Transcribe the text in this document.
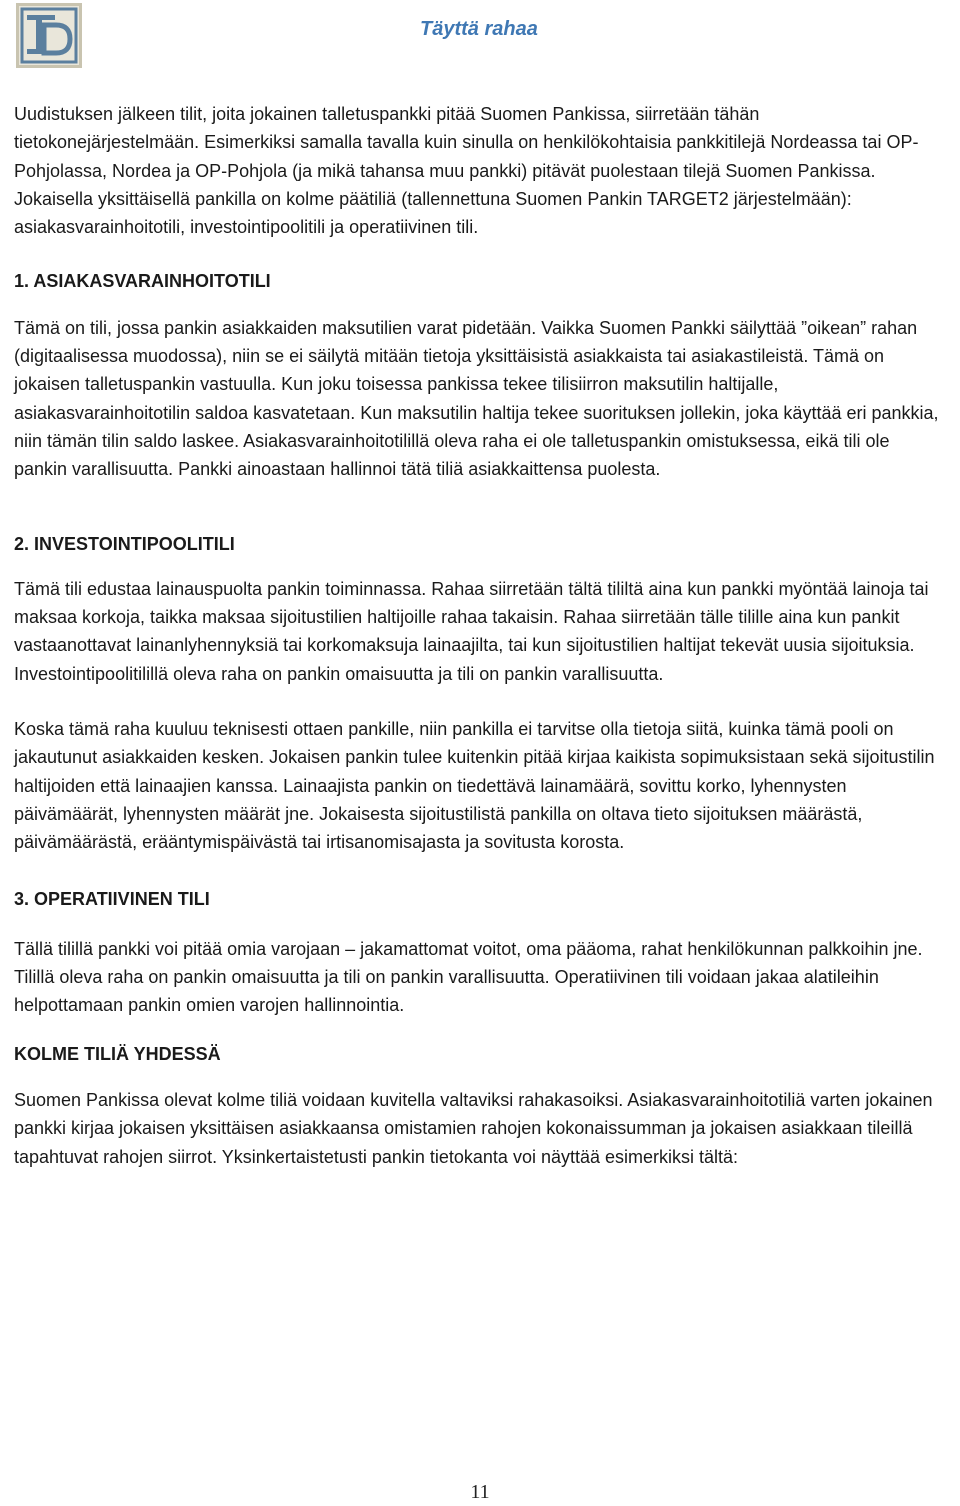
Täyttä rahaa

Uudistuksen jälkeen tilit, joita jokainen talletuspankki pitää Suomen Pankissa, siirretään tähän tietokonejärjestelmään. Esimerkiksi samalla tavalla kuin sinulla on henkilökohtaisia pankkitilejä Nordeassa tai OP-Pohjolassa, Nordea ja OP-Pohjola (ja mikä tahansa muu pankki) pitävät puolestaan tilejä Suomen Pankissa. Jokaisella yksittäisellä pankilla on kolme päätiliä (tallennettuna Suomen Pankin TARGET2 järjestelmään): asiakasvarainhoitotili, investointipoolitili ja operatiivinen tili.

1. ASIAKASVARAINHOITOTILI

Tämä on tili, jossa pankin asiakkaiden maksutilien varat pidetään. Vaikka Suomen Pankki säilyttää ”oikean” rahan (digitaalisessa muodossa), niin se ei säilytä mitään tietoja yksittäisistä asiakkaista tai asiakastileistä. Tämä on jokaisen talletuspankin vastuulla. Kun joku toisessa pankissa tekee tilisiirron maksutilin haltijalle, asiakasvarainhoitotilin saldoa kasvatetaan. Kun maksutilin haltija tekee suorituksen jollekin, joka käyttää eri pankkia, niin tämän tilin saldo laskee. Asiakasvarainhoitotilillä oleva raha ei ole talletuspankin omistuksessa, eikä tili ole pankin varallisuutta. Pankki ainoastaan hallinnoi tätä tiliä asiakkaittensa puolesta.

2. INVESTOINTIPOOLITILI

Tämä tili edustaa lainauspuolta pankin toiminnassa. Rahaa siirretään tältä tililtä aina kun pankki myöntää lainoja tai maksaa korkoja, taikka maksaa sijoitustilien haltijoille rahaa takaisin. Rahaa siirretään tälle tilille aina kun pankit vastaanottavat lainanlyhennyksiä tai korkomaksuja lainaajilta, tai kun sijoitustilien haltijat tekevät uusia sijoituksia. Investointipoolitilillä oleva raha on pankin omaisuutta ja tili on pankin varallisuutta.

Koska tämä raha kuuluu teknisesti ottaen pankille, niin pankilla ei tarvitse olla tietoja siitä, kuinka tämä pooli on jakautunut asiakkaiden kesken. Jokaisen pankin tulee kuitenkin pitää kirjaa kaikista sopimuksistaan sekä sijoitustilin haltijoiden että lainaajien kanssa. Lainaajista pankin on tiedettävä lainamäärä, sovittu korko, lyhennysten päivämäärät, lyhennysten määrät jne. Jokaisesta sijoitustilistä pankilla on oltava tieto sijoituksen määrästä, päivämäärästä, erääntymispäivästä tai irtisanomisajasta ja sovitusta korosta.

3. OPERATIIVINEN TILI

Tällä tilillä pankki voi pitää omia varojaan – jakamattomat voitot, oma pääoma, rahat henkilökunnan palkkoihin jne. Tilillä oleva raha on pankin omaisuutta ja tili on pankin varallisuutta. Operatiivinen tili voidaan jakaa alatileihin helpottamaan pankin omien varojen hallinnointia.

KOLME TILIÄ YHDESSÄ

Suomen Pankissa olevat kolme tiliä voidaan kuvitella valtaviksi rahakasoiksi. Asiakasvarainhoitotiliä varten jokainen pankki kirjaa jokaisen yksittäisen asiakkaansa omistamien rahojen kokonaissumman ja jokaisen asiakkaan tileillä tapahtuvat rahojen siirrot. Yksinkertaistetusti pankin tietokanta voi näyttää esimerkiksi tältä:

11
